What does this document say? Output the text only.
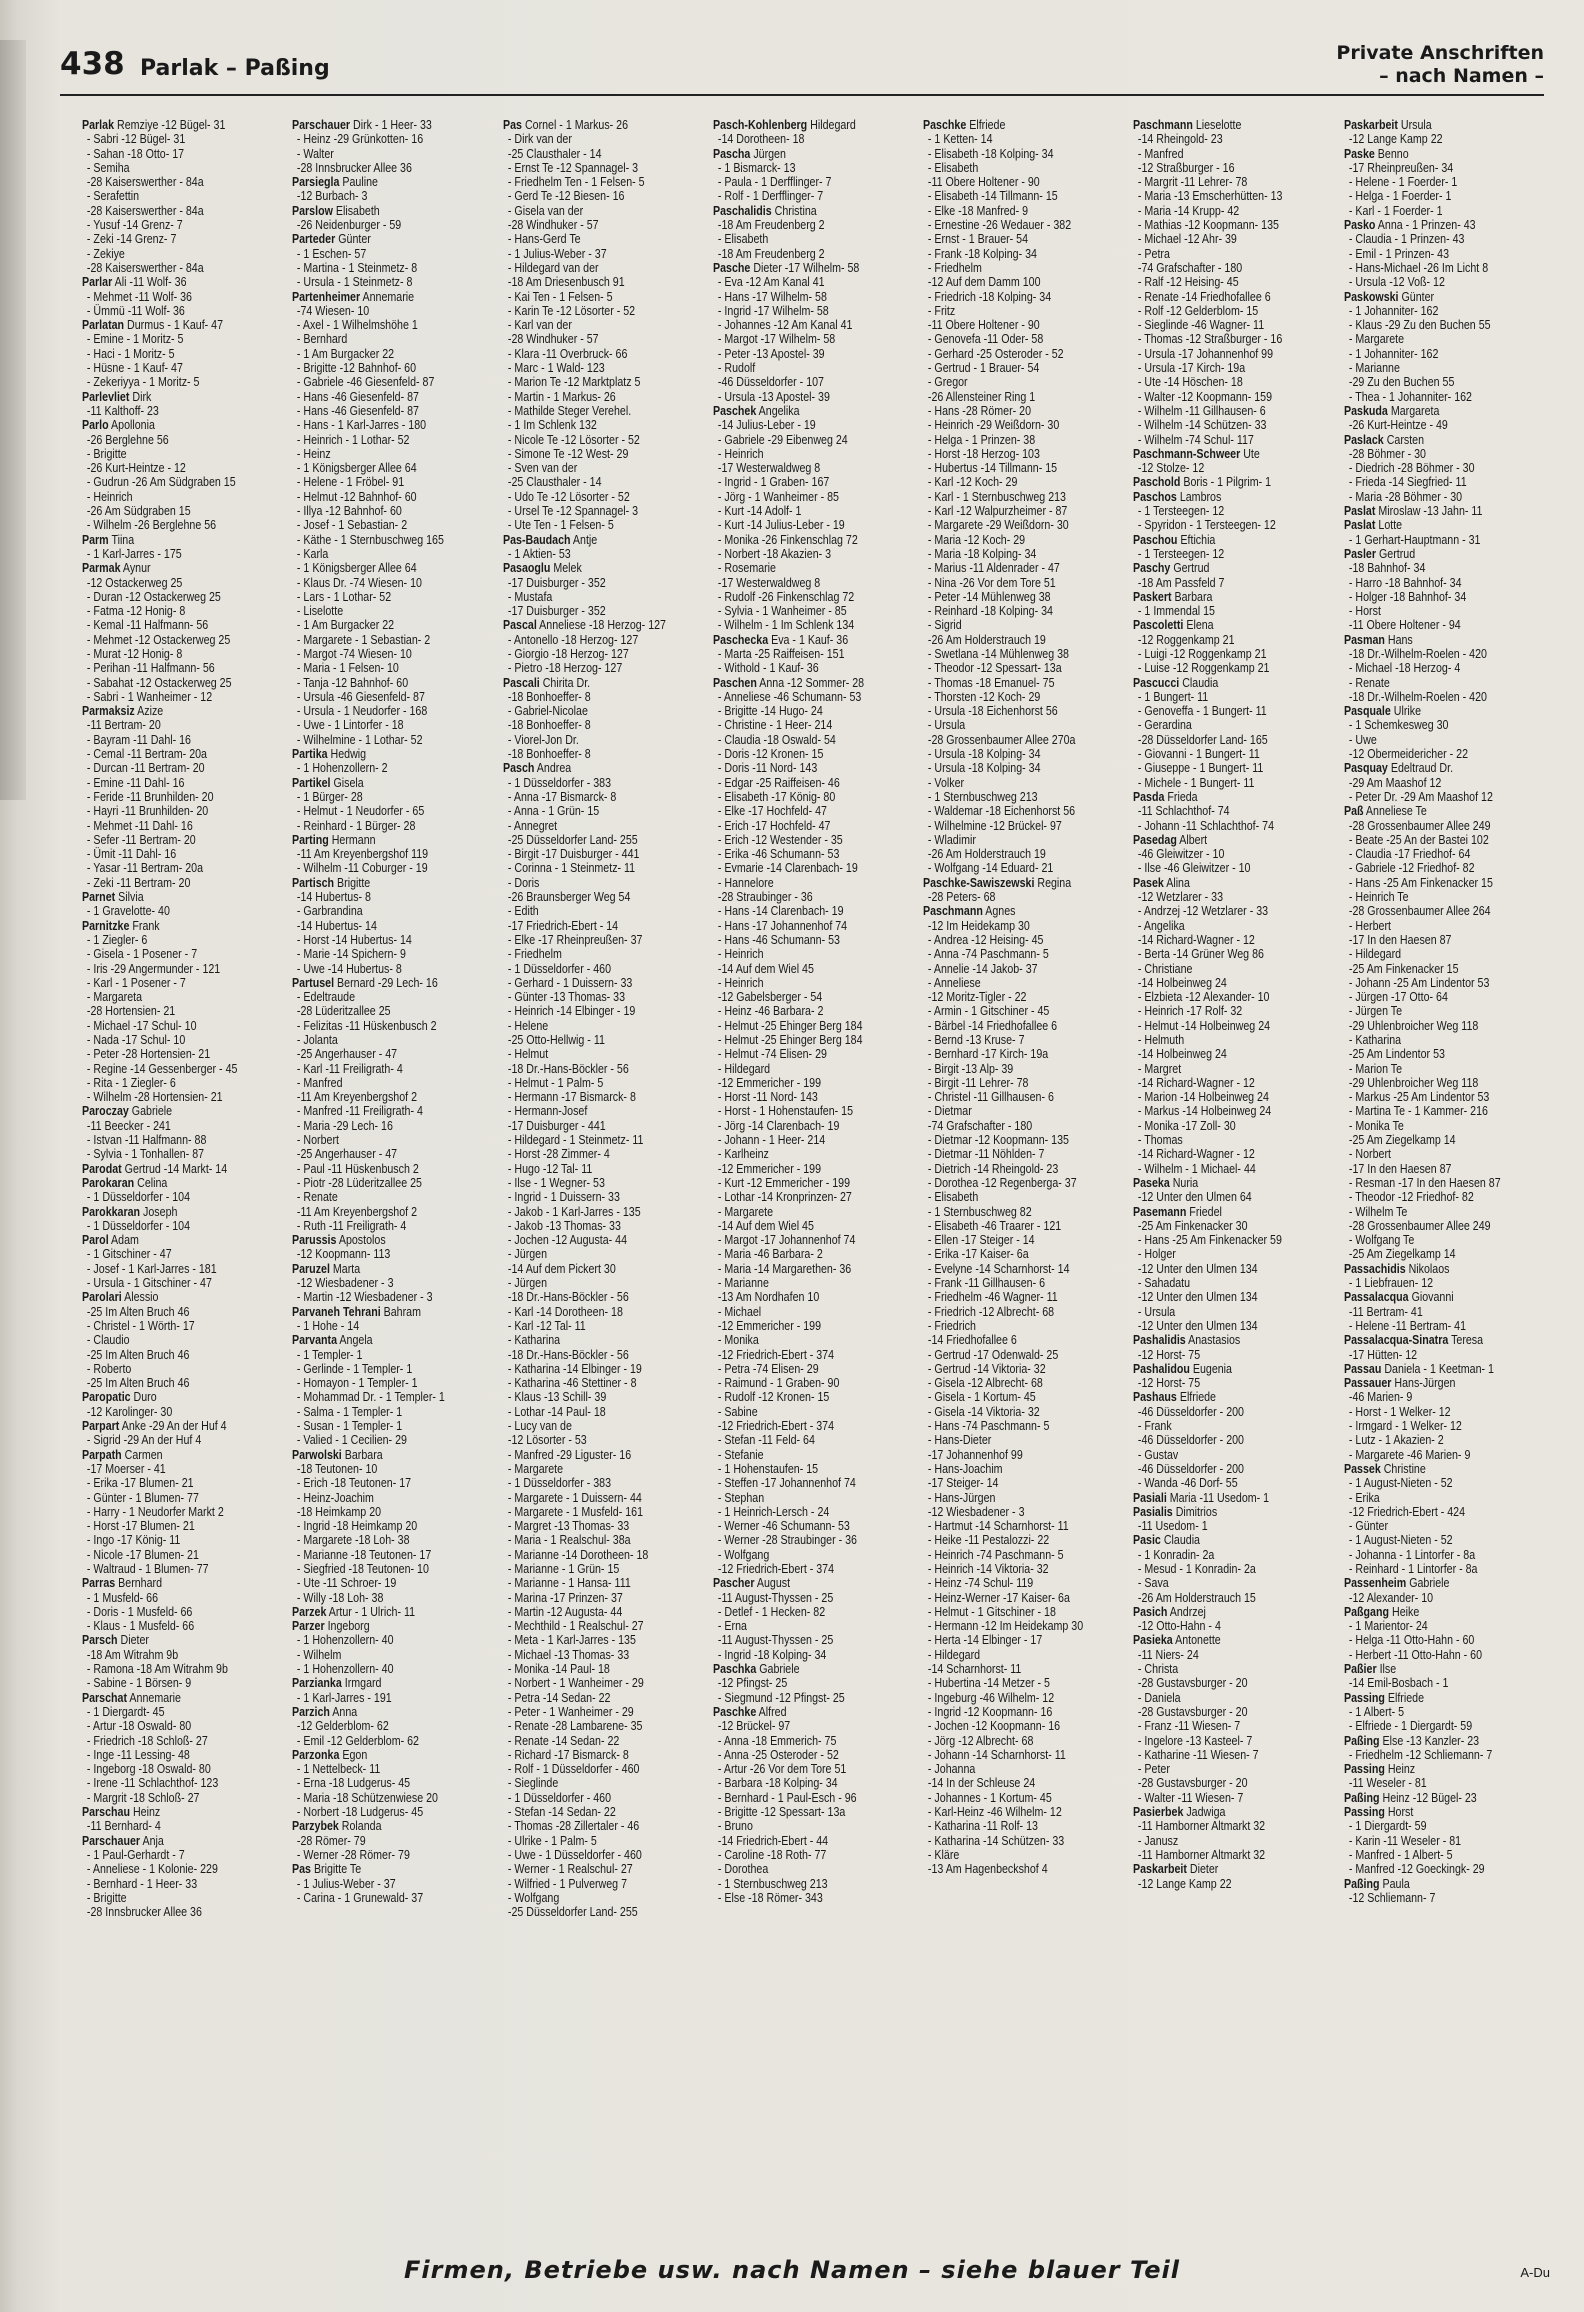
438 Parlak – Paßing
Private Anschriften
– nach Namen –
Parlak Remziye -12 Bügel- 31
- Sabri -12 Bügel- 31
- Sahan -18 Otto- 17
- Semiha
-28 Kaiserswerther - 84a
- Serafettin
-28 Kaiserswerther - 84a
- Yusuf -14 Grenz- 7
- Zeki -14 Grenz- 7
- Zekiye
-28 Kaiserswerther - 84a
Parlar Ali -11 Wolf- 36
- Mehmet -11 Wolf- 36
- Ümmü -11 Wolf- 36
Parlatan Durmus - 1 Kauf- 47
- Emine - 1 Moritz- 5
- Haci - 1 Moritz- 5
- Hüsne - 1 Kauf- 47
- Zekeriyya - 1 Moritz- 5
Parlevliet Dirk
-11 Kalthoff- 23
Parlo Apollonia
-26 Berglehne 56
- Brigitte
-26 Kurt-Heintze - 12
- Gudrun -26 Am Südgraben 15
- Heinrich
-26 Am Südgraben 15
- Wilhelm -26 Berglehne 56
Parm Tiina
- 1 Karl-Jarres - 175
Parmak Aynur
-12 Ostackerweg 25
- Duran -12 Ostackerweg 25
- Fatma -12 Honig- 8
- Kemal -11 Halfmann- 56
- Mehmet -12 Ostackerweg 25
- Murat -12 Honig- 8
- Perihan -11 Halfmann- 56
- Sabahat -12 Ostackerweg 25
- Sabri - 1 Wanheimer - 12
Parmaksiz Azize
-11 Bertram- 20
- Bayram -11 Dahl- 16
- Cemal -11 Bertram- 20a
- Durcan -11 Bertram- 20
- Emine -11 Dahl- 16
- Feride -11 Brunhilden- 20
- Hayri -11 Brunhilden- 20
- Mehmet -11 Dahl- 16
- Sefer -11 Bertram- 20
- Ümit -11 Dahl- 16
- Yasar -11 Bertram- 20a
- Zeki -11 Bertram- 20
Parnet Silvia
- 1 Gravelotte- 40
Parnitzke Frank
- 1 Ziegler- 6
- Gisela - 1 Posener - 7
- Iris -29 Angermunder - 121
- Karl - 1 Posener - 7
- Margareta
-28 Hortensien- 21
- Michael -17 Schul- 10
- Nada -17 Schul- 10
- Peter -28 Hortensien- 21
- Regine -14 Gessenberger - 45
- Rita - 1 Ziegler- 6
- Wilhelm -28 Hortensien- 21
Paroczay Gabriele
-11 Beecker - 241
- Istvan -11 Halfmann- 88
- Sylvia - 1 Tonhallen- 87
Parodat Gertrud -14 Markt- 14
Parokaran Celina
- 1 Düsseldorfer - 104
Parokkaran Joseph
- 1 Düsseldorfer - 104
Parol Adam
- 1 Gitschiner - 47
- Josef - 1 Karl-Jarres - 181
- Ursula - 1 Gitschiner - 47
Parolari Alessio
-25 Im Alten Bruch 46
- Christel - 1 Wörth- 17
- Claudio
-25 Im Alten Bruch 46
- Roberto
-25 Im Alten Bruch 46
Paropatic Duro
-12 Karolinger- 30
Parpart Anke -29 An der Huf 4
- Sigrid -29 An der Huf 4
Parpath Carmen
-17 Moerser - 41
- Erika -17 Blumen- 21
- Günter - 1 Blumen- 77
- Harry - 1 Neudorfer Markt 2
- Horst -17 Blumen- 21
- Ingo -17 König- 11
- Nicole -17 Blumen- 21
- Waltraud - 1 Blumen- 77
Parras Bernhard
- 1 Musfeld- 66
- Doris - 1 Musfeld- 66
- Klaus - 1 Musfeld- 66
Parsch Dieter
-18 Am Witrahm 9b
- Ramona -18 Am Witrahm 9b
- Sabine - 1 Börsen- 9
Parschat Annemarie
- 1 Diergardt- 45
- Artur -18 Oswald- 80
- Friedrich -18 Schloß- 27
- Inge -11 Lessing- 48
- Ingeborg -18 Oswald- 80
- Irene -11 Schlachthof- 123
- Margrit -18 Schloß- 27
Parschau Heinz
-11 Bernhard- 4
Parschauer Anja
- 1 Paul-Gerhardt - 7
- Anneliese - 1 Kolonie- 229
- Bernhard - 1 Heer- 33
- Brigitte
-28 Innsbrucker Allee 36
Parschauer Dirk - 1 Heer- 33
- Heinz -29 Grünkotten- 16
- Walter
-28 Innsbrucker Allee 36
Parsiegla Pauline
-12 Burbach- 3
Parslow Elisabeth
-26 Neidenburger - 59
Parteder Günter
- 1 Eschen- 57
- Martina - 1 Steinmetz- 8
- Ursula - 1 Steinmetz- 8
Partenheimer Annemarie
-74 Wiesen- 10
- Axel - 1 Wilhelmshöhe 1
- Bernhard
- 1 Am Burgacker 22
- Brigitte -12 Bahnhof- 60
- Gabriele -46 Giesenfeld- 87
- Hans -46 Giesenfeld- 87
- Hans -46 Giesenfeld- 87
- Hans - 1 Karl-Jarres - 180
- Heinrich - 1 Lothar- 52
- Heinz
- 1 Königsberger Allee 64
- Helene - 1 Fröbel- 91
- Helmut -12 Bahnhof- 60
- Illya -12 Bahnhof- 60
- Josef - 1 Sebastian- 2
- Käthe - 1 Sternbuschweg 165
- Karla
- 1 Königsberger Allee 64
- Klaus Dr. -74 Wiesen- 10
- Lars - 1 Lothar- 52
- Liselotte
- 1 Am Burgacker 22
- Margarete - 1 Sebastian- 2
- Margot -74 Wiesen- 10
- Maria - 1 Felsen- 10
- Tanja -12 Bahnhof- 60
- Ursula -46 Giesenfeld- 87
- Ursula - 1 Neudorfer - 168
- Uwe - 1 Lintorfer - 18
- Wilhelmine - 1 Lothar- 52
Partika Hedwig
- 1 Hohenzollern- 2
Partikel Gisela
- 1 Bürger- 28
- Helmut - 1 Neudorfer - 65
- Reinhard - 1 Bürger- 28
Parting Hermann
-11 Am Kreyenbergshof 119
- Wilhelm -11 Coburger - 19
Partisch Brigitte
-14 Hubertus- 8
- Garbrandina
-14 Hubertus- 14
- Horst -14 Hubertus- 14
- Marie -14 Spichern- 9
- Uwe -14 Hubertus- 8
Partusel Bernard -29 Lech- 16
- Edeltraude
-28 Lüderitzallee 25
- Felizitas -11 Hüskenbusch 2
- Jolanta
-25 Angerhauser - 47
- Karl -11 Freiligrath- 4
- Manfred
-11 Am Kreyenbergshof 2
- Manfred -11 Freiligrath- 4
- Maria -29 Lech- 16
- Norbert
-25 Angerhauser - 47
- Paul -11 Hüskenbusch 2
- Piotr -28 Lüderitzallee 25
- Renate
-11 Am Kreyenbergshof 2
- Ruth -11 Freiligrath- 4
Parussis Apostolos
-12 Koopmann- 113
Paruzel Marta
-12 Wiesbadener - 3
- Martin -12 Wiesbadener - 3
Parvaneh Tehrani Bahram
- 1 Hohe - 14
Parvanta Angela
- 1 Templer- 1
- Gerlinde - 1 Templer- 1
- Homayon - 1 Templer- 1
- Mohammad Dr. - 1 Templer- 1
- Salma - 1 Templer- 1
- Susan - 1 Templer- 1
- Valied - 1 Cecilien- 29
Parwolski Barbara
-18 Teutonen- 10
- Erich -18 Teutonen- 17
- Heinz-Joachim
-18 Heimkamp 20
- Ingrid -18 Heimkamp 20
- Margarete -18 Loh- 38
- Marianne -18 Teutonen- 17
- Siegfried -18 Teutonen- 10
- Ute -11 Schroer- 19
- Willy -18 Loh- 38
Parzek Artur - 1 Ulrich- 11
Parzer Ingeborg
- 1 Hohenzollern- 40
- Wilhelm
- 1 Hohenzollern- 40
Parzianka Irmgard
- 1 Karl-Jarres - 191
Parzich Anna
-12 Gelderblom- 62
- Emil -12 Gelderblom- 62
Parzonka Egon
- 1 Nettelbeck- 11
- Erna -18 Ludgerus- 45
- Maria -18 Schützenwiese 20
- Norbert -18 Ludgerus- 45
Parzybek Rolanda
-28 Römer- 79
- Werner -28 Römer- 79
Pas Brigitte Te
- 1 Julius-Weber - 37
- Carina - 1 Grunewald- 37
Pas Cornel - 1 Markus- 26
- Dirk van der
-25 Clausthaler - 14
- Ernst Te -12 Spannagel- 3
- Friedhelm Ten - 1 Felsen- 5
- Gerd Te -12 Biesen- 16
- Gisela van der
-28 Windhuker - 57
- Hans-Gerd Te
- 1 Julius-Weber - 37
- Hildegard van der
-18 Am Driesenbusch 91
- Kai Ten - 1 Felsen- 5
- Karin Te -12 Lösorter - 52
- Karl van der
-28 Windhuker - 57
- Klara -11 Overbruck- 66
- Marc - 1 Wald- 123
- Marion Te -12 Marktplatz 5
- Martin - 1 Markus- 26
- Mathilde Steger Verehel.
- 1 Im Schlenk 132
- Nicole Te -12 Lösorter - 52
- Simone Te -12 West- 29
- Sven van der
-25 Clausthaler - 14
- Udo Te -12 Lösorter - 52
- Ursel Te -12 Spannagel- 3
- Ute Ten - 1 Felsen- 5
Pas-Baudach Antje
- 1 Aktien- 53
Pasaoglu Melek
-17 Duisburger - 352
- Mustafa
-17 Duisburger - 352
Pascal Anneliese -18 Herzog- 127
- Antonello -18 Herzog- 127
- Giorgio -18 Herzog- 127
- Pietro -18 Herzog- 127
Pascali Chirita Dr.
-18 Bonhoeffer- 8
- Gabriel-Nicolae
-18 Bonhoeffer- 8
- Viorel-Jon Dr.
-18 Bonhoeffer- 8
Pasch Andrea
- 1 Düsseldorfer - 383
- Anna -17 Bismarck- 8
- Anna - 1 Grün- 15
- Annegret
-25 Düsseldorfer Land- 255
- Birgit -17 Duisburger - 441
- Corinna - 1 Steinmetz- 11
- Doris
-26 Braunsberger Weg 54
- Edith
-17 Friedrich-Ebert - 14
- Elke -17 Rheinpreußen- 37
- Friedhelm
- 1 Düsseldorfer - 460
- Gerhard - 1 Duissern- 33
- Günter -13 Thomas- 33
- Heinrich -14 Elbinger - 19
- Helene
-25 Otto-Hellwig - 11
- Helmut
-18 Dr.-Hans-Böckler - 56
- Helmut - 1 Palm- 5
- Hermann -17 Bismarck- 8
- Hermann-Josef
-17 Duisburger - 441
- Hildegard - 1 Steinmetz- 11
- Horst -28 Zimmer- 4
- Hugo -12 Tal- 11
- Ilse - 1 Wegner- 53
- Ingrid - 1 Duissern- 33
- Jakob - 1 Karl-Jarres - 135
- Jakob -13 Thomas- 33
- Jochen -12 Augusta- 44
- Jürgen
-14 Auf dem Pickert 30
- Jürgen
-18 Dr.-Hans-Böckler - 56
- Karl -14 Dorotheen- 18
- Karl -12 Tal- 11
- Katharina
-18 Dr.-Hans-Böckler - 56
- Katharina -14 Elbinger - 19
- Katharina -46 Stettiner - 8
- Klaus -13 Schill- 39
- Lothar -14 Paul- 18
- Lucy van de
-12 Lösorter - 53
- Manfred -29 Liguster- 16
- Margarete
- 1 Düsseldorfer - 383
- Margarete - 1 Duissern- 44
- Margarete - 1 Musfeld- 161
- Margret -13 Thomas- 33
- Maria - 1 Realschul- 38a
- Marianne -14 Dorotheen- 18
- Marianne - 1 Grün- 15
- Marianne - 1 Hansa- 111
- Marina -17 Prinzen- 37
- Martin -12 Augusta- 44
- Mechthild - 1 Realschul- 27
- Meta - 1 Karl-Jarres - 135
- Michael -13 Thomas- 33
- Monika -14 Paul- 18
- Norbert - 1 Wanheimer - 29
- Petra -14 Sedan- 22
- Peter - 1 Wanheimer - 29
- Renate -28 Lambarene- 35
- Renate -14 Sedan- 22
- Richard -17 Bismarck- 8
- Rolf - 1 Düsseldorfer - 460
- Sieglinde
- 1 Düsseldorfer - 460
- Stefan -14 Sedan- 22
- Thomas -28 Zillertaler - 46
- Ulrike - 1 Palm- 5
- Uwe - 1 Düsseldorfer - 460
- Werner - 1 Realschul- 27
- Wilfried - 1 Pulverweg 7
- Wolfgang
-25 Düsseldorfer Land- 255
Pasch-Kohlenberg Hildegard
-14 Dorotheen- 18
Pascha Jürgen
- 1 Bismarck- 13
- Paula - 1 Derfflinger- 7
- Rolf - 1 Derfflinger- 7
Paschalidis Christina
-18 Am Freudenberg 2
- Elisabeth
-18 Am Freudenberg 2
Pasche Dieter -17 Wilhelm- 58
- Eva -12 Am Kanal 41
- Hans -17 Wilhelm- 58
- Ingrid -17 Wilhelm- 58
- Johannes -12 Am Kanal 41
- Margot -17 Wilhelm- 58
- Peter -13 Apostel- 39
- Rudolf
-46 Düsseldorfer - 107
- Ursula -13 Apostel- 39
Paschek Angelika
-14 Julius-Leber - 19
- Gabriele -29 Eibenweg 24
- Heinrich
-17 Westerwaldweg 8
- Ingrid - 1 Graben- 167
- Jörg - 1 Wanheimer - 85
- Kurt -14 Adolf- 1
- Kurt -14 Julius-Leber - 19
- Monika -26 Finkenschlag 72
- Norbert -18 Akazien- 3
- Rosemarie
-17 Westerwaldweg 8
- Rudolf -26 Finkenschlag 72
- Sylvia - 1 Wanheimer - 85
- Wilhelm - 1 Im Schlenk 134
Paschecka Eva - 1 Kauf- 36
- Marta -25 Raiffeisen- 151
- Withold - 1 Kauf- 36
Paschen Anna -12 Sommer- 28
- Anneliese -46 Schumann- 53
- Brigitte -14 Hugo- 24
- Christine - 1 Heer- 214
- Claudia -18 Oswald- 54
- Doris -12 Kronen- 15
- Doris -11 Nord- 143
- Edgar -25 Raiffeisen- 46
- Elisabeth -17 König- 80
- Elke -17 Hochfeld- 47
- Erich -17 Hochfeld- 47
- Erich -12 Westender - 35
- Erika -46 Schumann- 53
- Evmarie -14 Clarenbach- 19
- Hannelore
-28 Straubinger - 36
- Hans -14 Clarenbach- 19
- Hans -17 Johannenhof 74
- Hans -46 Schumann- 53
- Heinrich
-14 Auf dem Wiel 45
- Heinrich
-12 Gabelsberger - 54
- Heinz -46 Barbara- 2
- Helmut -25 Ehinger Berg 184
- Helmut -25 Ehinger Berg 184
- Helmut -74 Elisen- 29
- Hildegard
-12 Emmericher - 199
- Horst -11 Nord- 143
- Horst - 1 Hohenstaufen- 15
- Jörg -14 Clarenbach- 19
- Johann - 1 Heer- 214
- Karlheinz
-12 Emmericher - 199
- Kurt -12 Emmericher - 199
- Lothar -14 Kronprinzen- 27
- Margarete
-14 Auf dem Wiel 45
- Margot -17 Johannenhof 74
- Maria -46 Barbara- 2
- Maria -14 Margarethen- 36
- Marianne
-13 Am Nordhafen 10
- Michael
-12 Emmericher - 199
- Monika
-12 Friedrich-Ebert - 374
- Petra -74 Elisen- 29
- Raimund - 1 Graben- 90
- Rudolf -12 Kronen- 15
- Sabine
-12 Friedrich-Ebert - 374
- Stefan -11 Feld- 64
- Stefanie
- 1 Hohenstaufen- 15
- Steffen -17 Johannenhof 74
- Stephan
- 1 Heinrich-Lersch - 24
- Werner -46 Schumann- 53
- Werner -28 Straubinger - 36
- Wolfgang
-12 Friedrich-Ebert - 374
Pascher August
-11 August-Thyssen - 25
- Detlef - 1 Hecken- 82
- Erna
-11 August-Thyssen - 25
- Ingrid -18 Kolping- 34
Paschka Gabriele
-12 Pfingst- 25
- Siegmund -12 Pfingst- 25
Paschke Alfred
-12 Brückel- 97
- Anna -18 Emmerich- 75
- Anna -25 Osteroder - 52
- Artur -26 Vor dem Tore 51
- Barbara -18 Kolping- 34
- Bernhard - 1 Paul-Esch - 96
- Brigitte -12 Spessart- 13a
- Bruno
-14 Friedrich-Ebert - 44
- Caroline -18 Roth- 77
- Dorothea
- 1 Sternbuschweg 213
- Else -18 Römer- 343
Paschke Elfriede
- 1 Ketten- 14
- Elisabeth -18 Kolping- 34
- Elisabeth
-11 Obere Holtener - 90
- Elisabeth -14 Tillmann- 15
- Elke -18 Manfred- 9
- Ernestine -26 Wedauer - 382
- Ernst - 1 Brauer- 54
- Frank -18 Kolping- 34
- Friedhelm
-12 Auf dem Damm 100
- Friedrich -18 Kolping- 34
- Fritz
-11 Obere Holtener - 90
- Genovefa -11 Oder- 58
- Gerhard -25 Osteroder - 52
- Gertrud - 1 Brauer- 54
- Gregor
-26 Allensteiner Ring 1
- Hans -28 Römer- 20
- Heinrich -29 Weißdorn- 30
- Helga - 1 Prinzen- 38
- Horst -18 Herzog- 103
- Hubertus -14 Tillmann- 15
- Karl -12 Koch- 29
- Karl - 1 Sternbuschweg 213
- Karl -12 Walpurzheimer - 87
- Margarete -29 Weißdorn- 30
- Maria -12 Koch- 29
- Maria -18 Kolping- 34
- Marius -11 Aldenrader - 47
- Nina -26 Vor dem Tore 51
- Peter -14 Mühlenweg 38
- Reinhard -18 Kolping- 34
- Sigrid
-26 Am Holderstrauch 19
- Swetlana -14 Mühlenweg 38
- Theodor -12 Spessart- 13a
- Thomas -18 Emanuel- 75
- Thorsten -12 Koch- 29
- Ursula -18 Eichenhorst 56
- Ursula
-28 Grossenbaumer Allee 270a
- Ursula -18 Kolping- 34
- Ursula -18 Kolping- 34
- Volker
- 1 Sternbuschweg 213
- Waldemar -18 Eichenhorst 56
- Wilhelmine -12 Brückel- 97
- Wladimir
-26 Am Holderstrauch 19
- Wolfgang -14 Eduard- 21
Paschke-Sawiszewski Regina
-28 Peters- 68
Paschmann Agnes
-12 Im Heidekamp 30
- Andrea -12 Heising- 45
- Anna -74 Paschmann- 5
- Annelie -14 Jakob- 37
- Anneliese
-12 Moritz-Tigler - 22
- Armin - 1 Gitschiner - 45
- Bärbel -14 Friedhofallee 6
- Bernd -13 Kruse- 7
- Bernhard -17 Kirch- 19a
- Birgit -13 Alp- 39
- Birgit -11 Lehrer- 78
- Christel -11 Gillhausen- 6
- Dietmar
-74 Grafschafter - 180
- Dietmar -12 Koopmann- 135
- Dietmar -11 Nöhlden- 7
- Dietrich -14 Rheingold- 23
- Dorothea -12 Regenberga- 37
- Elisabeth
- 1 Sternbuschweg 82
- Elisabeth -46 Traarer - 121
- Ellen -17 Steiger - 14
- Erika -17 Kaiser- 6a
- Evelyne -14 Scharnhorst- 14
- Frank -11 Gillhausen- 6
- Friedhelm -46 Wagner- 11
- Friedrich -12 Albrecht- 68
- Friedrich
-14 Friedhofallee 6
- Gertrud -17 Odenwald- 25
- Gertrud -14 Viktoria- 32
- Gisela -12 Albrecht- 68
- Gisela - 1 Kortum- 45
- Gisela -14 Viktoria- 32
- Hans -74 Paschmann- 5
- Hans-Dieter
-17 Johannenhof 99
- Hans-Joachim
-17 Steiger- 14
- Hans-Jürgen
-12 Wiesbadener - 3
- Hartmut -14 Scharnhorst- 11
- Heike -11 Pestalozzi- 22
- Heinrich -74 Paschmann- 5
- Heinrich -14 Viktoria- 32
- Heinz -74 Schul- 119
- Heinz-Werner -17 Kaiser- 6a
- Helmut - 1 Gitschiner - 18
- Hermann -12 Im Heidekamp 30
- Herta -14 Elbinger - 17
- Hildegard
-14 Scharnhorst- 11
- Hubertina -14 Metzer - 5
- Ingeburg -46 Wilhelm- 12
- Ingrid -12 Koopmann- 16
- Jochen -12 Koopmann- 16
- Jörg -12 Albrecht- 68
- Johann -14 Scharnhorst- 11
- Johanna
-14 In der Schleuse 24
- Johannes - 1 Kortum- 45
- Karl-Heinz -46 Wilhelm- 12
- Katharina -11 Rolf- 13
- Katharina -14 Schützen- 33
- Kläre
-13 Am Hagenbeckshof 4
Paschmann Lieselotte
-14 Rheingold- 23
- Manfred
-12 Straßburger - 16
- Margrit -11 Lehrer- 78
- Maria -13 Emscherhütten- 13
- Maria -14 Krupp- 42
- Mathias -12 Koopmann- 135
- Michael -12 Ahr- 39
- Petra
-74 Grafschafter - 180
- Ralf -12 Heising- 45
- Renate -14 Friedhofallee 6
- Rolf -12 Gelderblom- 15
- Sieglinde -46 Wagner- 11
- Thomas -12 Straßburger - 16
- Ursula -17 Johannenhof 99
- Ursula -17 Kirch- 19a
- Ute -14 Höschen- 18
- Walter -12 Koopmann- 159
- Wilhelm -11 Gillhausen- 6
- Wilhelm -14 Schützen- 33
- Wilhelm -74 Schul- 117
Paschmann-Schweer Ute
-12 Stolze- 12
Paschold Boris - 1 Pilgrim- 1
Paschos Lambros
- 1 Tersteegen- 12
- Spyridon - 1 Tersteegen- 12
Paschou Eftichia
- 1 Tersteegen- 12
Paschy Gertrud
-18 Am Passfeld 7
Paskert Barbara
- 1 Immendal 15
Pascoletti Elena
-12 Roggenkamp 21
- Luigi -12 Roggenkamp 21
- Luise -12 Roggenkamp 21
Pascucci Claudia
- 1 Bungert- 11
- Genoveffa - 1 Bungert- 11
- Gerardina
-28 Düsseldorfer Land- 165
- Giovanni - 1 Bungert- 11
- Giuseppe - 1 Bungert- 11
- Michele - 1 Bungert- 11
Pasda Frieda
-11 Schlachthof- 74
- Johann -11 Schlachthof- 74
Pasedag Albert
-46 Gleiwitzer - 10
- Ilse -46 Gleiwitzer - 10
Pasek Alina
-12 Wetzlarer - 33
- Andrzej -12 Wetzlarer - 33
- Angelika
-14 Richard-Wagner - 12
- Berta -14 Grüner Weg 86
- Christiane
-14 Holbeinweg 24
- Elzbieta -12 Alexander- 10
- Heinrich -17 Rolf- 32
- Helmut -14 Holbeinweg 24
- Helmuth
-14 Holbeinweg 24
- Margret
-14 Richard-Wagner - 12
- Marion -14 Holbeinweg 24
- Markus -14 Holbeinweg 24
- Monika -17 Zoll- 30
- Thomas
-14 Richard-Wagner - 12
- Wilhelm - 1 Michael- 44
Paseka Nuria
-12 Unter den Ulmen 64
Pasemann Friedel
-25 Am Finkenacker 30
- Hans -25 Am Finkenacker 59
- Holger
-12 Unter den Ulmen 134
- Sahadatu
-12 Unter den Ulmen 134
- Ursula
-12 Unter den Ulmen 134
Pashalidis Anastasios
-12 Horst- 75
Pashalidou Eugenia
-12 Horst- 75
Pashaus Elfriede
-46 Düsseldorfer - 200
- Frank
-46 Düsseldorfer - 200
- Gustav
-46 Düsseldorfer - 200
- Wanda -46 Dorf- 55
Pasiali Maria -11 Usedom- 1
Pasialis Dimitrios
-11 Usedom- 1
Pasic Claudia
- 1 Konradin- 2a
- Mesud - 1 Konradin- 2a
- Sava
-26 Am Holderstrauch 15
Pasich Andrzej
-12 Otto-Hahn - 4
Pasieka Antonette
-11 Niers- 24
- Christa
-28 Gustavsburger - 20
- Daniela
-28 Gustavsburger - 20
- Franz -11 Wiesen- 7
- Ingelore -13 Kasteel- 7
- Katharine -11 Wiesen- 7
- Peter
-28 Gustavsburger - 20
- Walter -11 Wiesen- 7
Pasierbek Jadwiga
-11 Hamborner Altmarkt 32
- Janusz
-11 Hamborner Altmarkt 32
Paskarbeit Dieter
-12 Lange Kamp 22
Paskarbeit Ursula
-12 Lange Kamp 22
Paske Benno
-17 Rheinpreußen- 34
- Helene - 1 Foerder- 1
- Helga - 1 Foerder- 1
- Karl - 1 Foerder- 1
Pasko Anna - 1 Prinzen- 43
- Claudia - 1 Prinzen- 43
- Emil - 1 Prinzen- 43
- Hans-Michael -26 Im Licht 8
- Ursula -12 Voß- 12
Paskowski Günter
- 1 Johanniter- 162
- Klaus -29 Zu den Buchen 55
- Margarete
- 1 Johanniter- 162
- Marianne
-29 Zu den Buchen 55
- Thea - 1 Johanniter- 162
Paskuda Margareta
-26 Kurt-Heintze - 49
Paslack Carsten
-28 Böhmer - 30
- Diedrich -28 Böhmer - 30
- Frieda -14 Siegfried- 11
- Maria -28 Böhmer - 30
Paslat Miroslaw -13 Jahn- 11
Paslat Lotte
- 1 Gerhart-Hauptmann - 31
Pasler Gertrud
-18 Bahnhof- 34
- Harro -18 Bahnhof- 34
- Holger -18 Bahnhof- 34
- Horst
-11 Obere Holtener - 94
Pasman Hans
-18 Dr.-Wilhelm-Roelen - 420
- Michael -18 Herzog- 4
- Renate
-18 Dr.-Wilhelm-Roelen - 420
Pasquale Ulrike
- 1 Schemkesweg 30
- Uwe
-12 Obermeidericher - 22
Pasquay Edeltraud Dr.
-29 Am Maashof 12
- Peter Dr. -29 Am Maashof 12
Paß Anneliese Te
-28 Grossenbaumer Allee 249
- Beate -25 An der Bastei 102
- Claudia -17 Friedhof- 64
- Gabriele -12 Friedhof- 82
- Hans -25 Am Finkenacker 15
- Heinrich Te
-28 Grossenbaumer Allee 264
- Herbert
-17 In den Haesen 87
- Hildegard
-25 Am Finkenacker 15
- Johann -25 Am Lindentor 53
- Jürgen -17 Otto- 64
- Jürgen Te
-29 Uhlenbroicher Weg 118
- Katharina
-25 Am Lindentor 53
- Marion Te
-29 Uhlenbroicher Weg 118
- Markus -25 Am Lindentor 53
- Martina Te - 1 Kammer- 216
- Monika Te
-25 Am Ziegelkamp 14
- Norbert
-17 In den Haesen 87
- Resman -17 In den Haesen 87
- Theodor -12 Friedhof- 82
- Wilhelm Te
-28 Grossenbaumer Allee 249
- Wolfgang Te
-25 Am Ziegelkamp 14
Passachidis Nikolaos
- 1 Liebfrauen- 12
Passalacqua Giovanni
-11 Bertram- 41
- Helene -11 Bertram- 41
Passalacqua-Sinatra Teresa
-17 Hütten- 12
Passau Daniela - 1 Keetman- 1
Passauer Hans-Jürgen
-46 Marien- 9
- Horst - 1 Welker- 12
- Irmgard - 1 Welker- 12
- Lutz - 1 Akazien- 2
- Margarete -46 Marien- 9
Passek Christine
- 1 August-Nieten - 52
- Erika
-12 Friedrich-Ebert - 424
- Günter
- 1 August-Nieten - 52
- Johanna - 1 Lintorfer - 8a
- Reinhard - 1 Lintorfer - 8a
Passenheim Gabriele
-12 Alexander- 10
Paßgang Heike
- 1 Marientor- 24
- Helga -11 Otto-Hahn - 60
- Herbert -11 Otto-Hahn - 60
Paßier Ilse
-14 Emil-Bosbach - 1
Passing Elfriede
- 1 Albert- 5
- Elfriede - 1 Diergardt- 59
Paßing Else -13 Kanzler- 23
- Friedhelm -12 Schliemann- 7
Passing Heinz
-11 Weseler - 81
Paßing Heinz -12 Bügel- 23
Passing Horst
- 1 Diergardt- 59
- Karin -11 Weseler - 81
- Manfred - 1 Albert- 5
- Manfred -12 Goeckingk- 29
Paßing Paula
-12 Schliemann- 7
Firmen, Betriebe usw. nach Namen – siehe blauer Teil	A-Du
